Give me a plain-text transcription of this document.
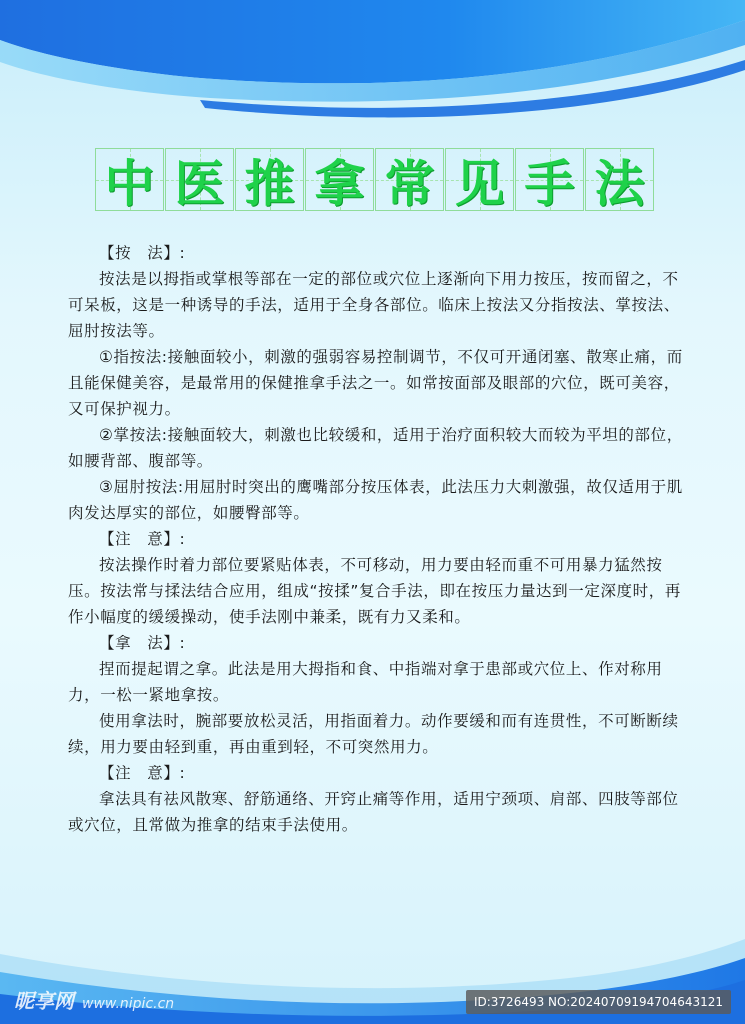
中 医 推 拿 常 见 手 法

【按　法】:

按法是以拇指或掌根等部在一定的部位或穴位上逐渐向下用力按压，按而留之，不可呆板，这是一种诱导的手法，适用于全身各部位。临床上按法又分指按法、掌按法、屈肘按法等。

①指按法:接触面较小，刺激的强弱容易控制调节，不仅可开通闭塞、散寒止痛，而且能保健美容，是最常用的保健推拿手法之一。如常按面部及眼部的穴位，既可美容，又可保护视力。

②掌按法:接触面较大，刺激也比较缓和，适用于治疗面积较大而较为平坦的部位，如腰背部、腹部等。

③屈肘按法:用屈肘时突出的鹰嘴部分按压体表，此法压力大刺激强，故仅适用于肌肉发达厚实的部位，如腰臀部等。

【注　意】:

按法操作时着力部位要紧贴体表，不可移动，用力要由轻而重不可用暴力猛然按压。按法常与揉法结合应用，组成“按揉”复合手法，即在按压力量达到一定深度时，再作小幅度的缓缓操动，使手法刚中兼柔，既有力又柔和。

【拿　法】:

捏而提起谓之拿。此法是用大拇指和食、中指端对拿于患部或穴位上、作对称用力，一松一紧地拿按。

使用拿法时，腕部要放松灵活，用指面着力。动作要缓和而有连贯性，不可断断续续，用力要由轻到重，再由重到轻，不可突然用力。

【注　意】:

拿法具有祛风散寒、舒筋通络、开窍止痛等作用，适用宁颈项、肩部、四肢等部位或穴位，且常做为推拿的结束手法使用。

昵享网 www.nipic.cn	ID:3726493 NO:20240709194704643121
